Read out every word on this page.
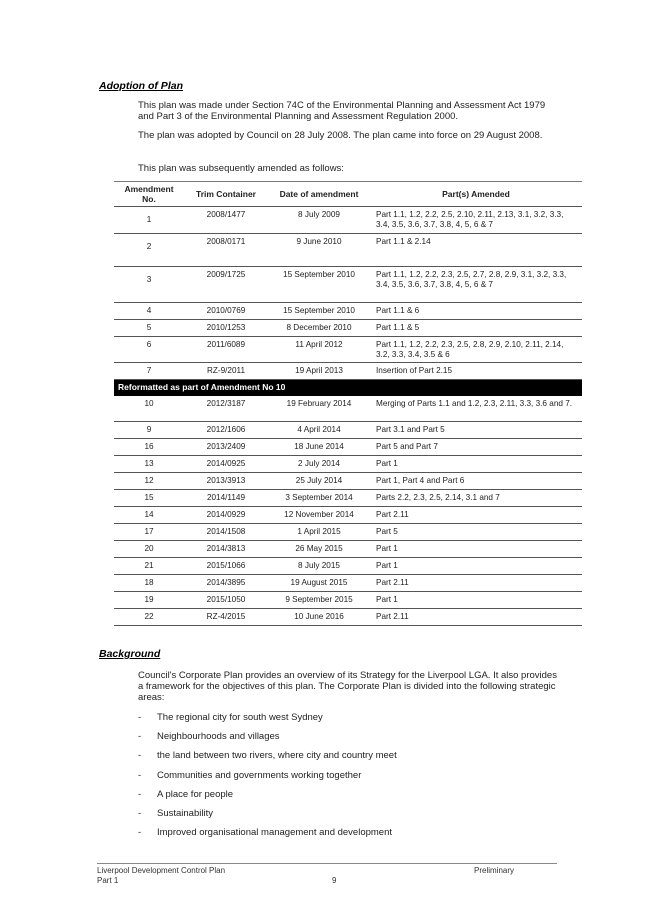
Adoption of Plan
This plan was made under Section 74C of the Environmental Planning and Assessment Act 1979 and Part 3 of the Environmental Planning and Assessment Regulation 2000.
The plan was adopted by Council on 28 July 2008. The plan came into force on 29 August 2008.
This plan was subsequently amended as follows:
Amendment No.	Trim Container	Date of amendment	Part(s) Amended
1	2008/1477	8 July 2009	Part 1.1, 1.2, 2.2, 2.5, 2.10, 2.11, 2.13, 3.1, 3.2, 3.3, 3.4, 3.5, 3.6, 3.7, 3.8, 4, 5, 6 & 7
2	2008/0171	9 June 2010	Part 1.1 & 2.14
3	2009/1725	15 September 2010	Part 1.1, 1.2, 2.2, 2.3, 2.5, 2.7, 2.8, 2.9, 3.1, 3.2, 3.3, 3.4, 3.5, 3.6, 3.7, 3.8, 4, 5, 6 & 7
4	2010/0769	15 September 2010	Part 1.1 & 6
5	2010/1253	8 December 2010	Part 1.1 & 5
6	2011/6089	11 April 2012	Part 1.1, 1.2, 2.2, 2.3, 2.5, 2.8, 2.9, 2.10, 2.11, 2.14, 3.2, 3.3, 3.4, 3.5 & 6
7	RZ-9/2011	19 April 2013	Insertion of Part 2.15
Reformatted as part of Amendment No 10			
10	2012/3187	19 February 2014	Merging of Parts 1.1 and 1.2, 2.3, 2.11, 3.3, 3.6 and 7.
9	2012/1606	4 April 2014	Part 3.1 and Part 5
16	2013/2409	18 June 2014	Part 5 and Part 7
13	2014/0925	2 July 2014	Part 1
12	2013/3913	25 July 2014	Part 1, Part 4 and Part 6
15	2014/1149	3 September 2014	Parts 2.2, 2.3, 2.5, 2.14, 3.1 and 7
14	2014/0929	12 November 2014	Part 2.11
17	2014/1508	1 April 2015	Part 5
20	2014/3813	26 May 2015	Part 1
21	2015/1066	8 July 2015	Part 1
18	2014/3895	19 August 2015	Part 2.11
19	2015/1050	9 September 2015	Part 1
22	RZ-4/2015	10 June 2016	Part 2.11
Background
Council's Corporate Plan provides an overview of its Strategy for the Liverpool LGA. It also provides a framework for the objectives of this plan. The Corporate Plan is divided into the following strategic areas:
- The regional city for south west Sydney
- Neighbourhoods and villages
- the land between two rivers, where city and country meet
- Communities and governments working together
- A place for people
- Sustainability
- Improved organisational management and development
Liverpool Development Control Plan
Part 1	9
Preliminary
